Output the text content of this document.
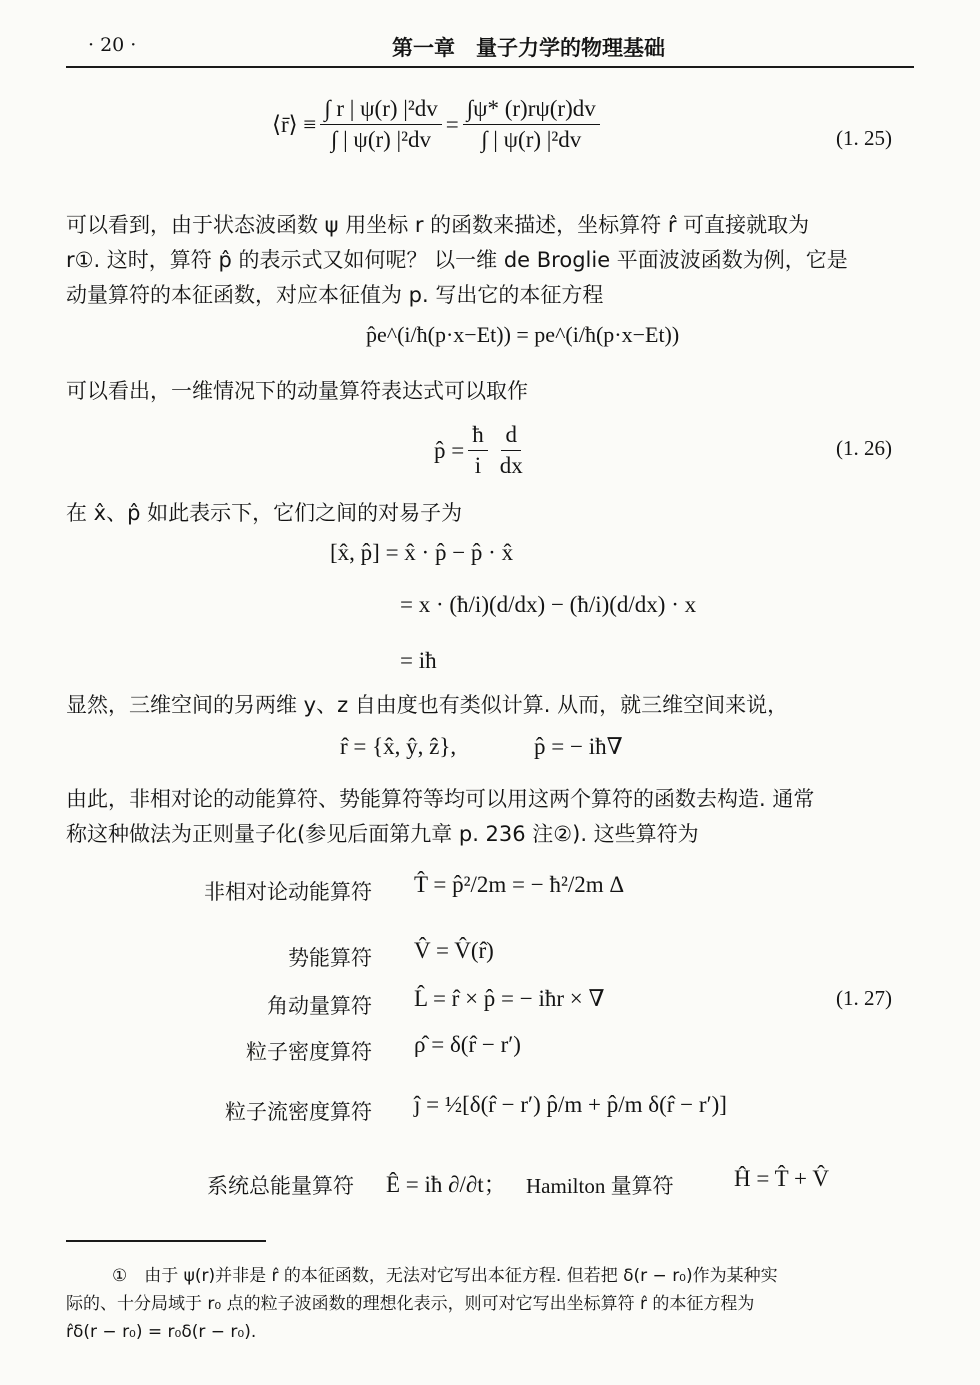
· 20 ·	第一章　量子力学的物理基础
⟨r̄⟩ ≡ $\frac{\text{∫ r | ψ(r) |²dv}}{\text{∫ | ψ(r) |²dv}} = \frac{\int\psi* (r)r\psi(r)dv}{\text{∫ | ψ(r) |²dv}}$	(1. 25)

可以看到，由于状态波函数 ψ 用坐标 r 的函数来描述，坐标算符 r̂ 可直接就取为

r①. 这时，算符 p̂ 的表示式又如何呢？ 以一维 de Broglie 平面波波函数为例，它是

动量算符的本征函数，对应本征值为 p. 写出它的本征方程

p̂e^(i/ħ(p·x−Et)) = pe^(i/ħ(p·x−Et))

可以看出，一维情况下的动量算符表达式可以取作

p̂ = $\frac{ħ}{i} \frac{d}{dx}$	(1. 26)

在 x̂、p̂ 如此表示下，它们之间的对易子为

[x̂, p̂] = x̂ · p̂ − p̂ · x̂
= x · (ħ/i)(d/dx) − (ħ/i)(d/dx) · x
= iħ

显然，三维空间的另两维 y、z 自由度也有类似计算. 从而，就三维空间来说，

r̂ = {x̂, ŷ, ẑ},	p̂ = − iħ∇

由此，非相对论的动能算符、势能算符等均可以用这两个算符的函数去构造. 通常

称这种做法为正则量子化(参见后面第九章 p. 236 注②). 这些算符为

非相对论动能算符 T̂ = p̂²/2m = − ħ²/2m Δ
势能算符 V̂ = V̂(r̂)
角动量算符 L̂ = r̂ × p̂ = − iħr × ∇	(1. 27)
粒子密度算符 ρ̂ = δ(r̂ − r′)
粒子流密度算符 ĵ = ½[δ(r̂ − r′) p̂/m + p̂/m δ(r̂ − r′)]
系统总能量算符 Ê = iħ ∂/∂t； Hamilton 量算符	Ĥ = T̂ + V̂

①　由于 ψ(r)并非是 r̂ 的本征函数，无法对它写出本征方程. 但若把 δ(r − r₀)作为某种实

际的、十分局域于 r₀ 点的粒子波函数的理想化表示，则可对它写出坐标算符 r̂ 的本征方程为

r̂δ(r − r₀) = r₀δ(r − r₀).
